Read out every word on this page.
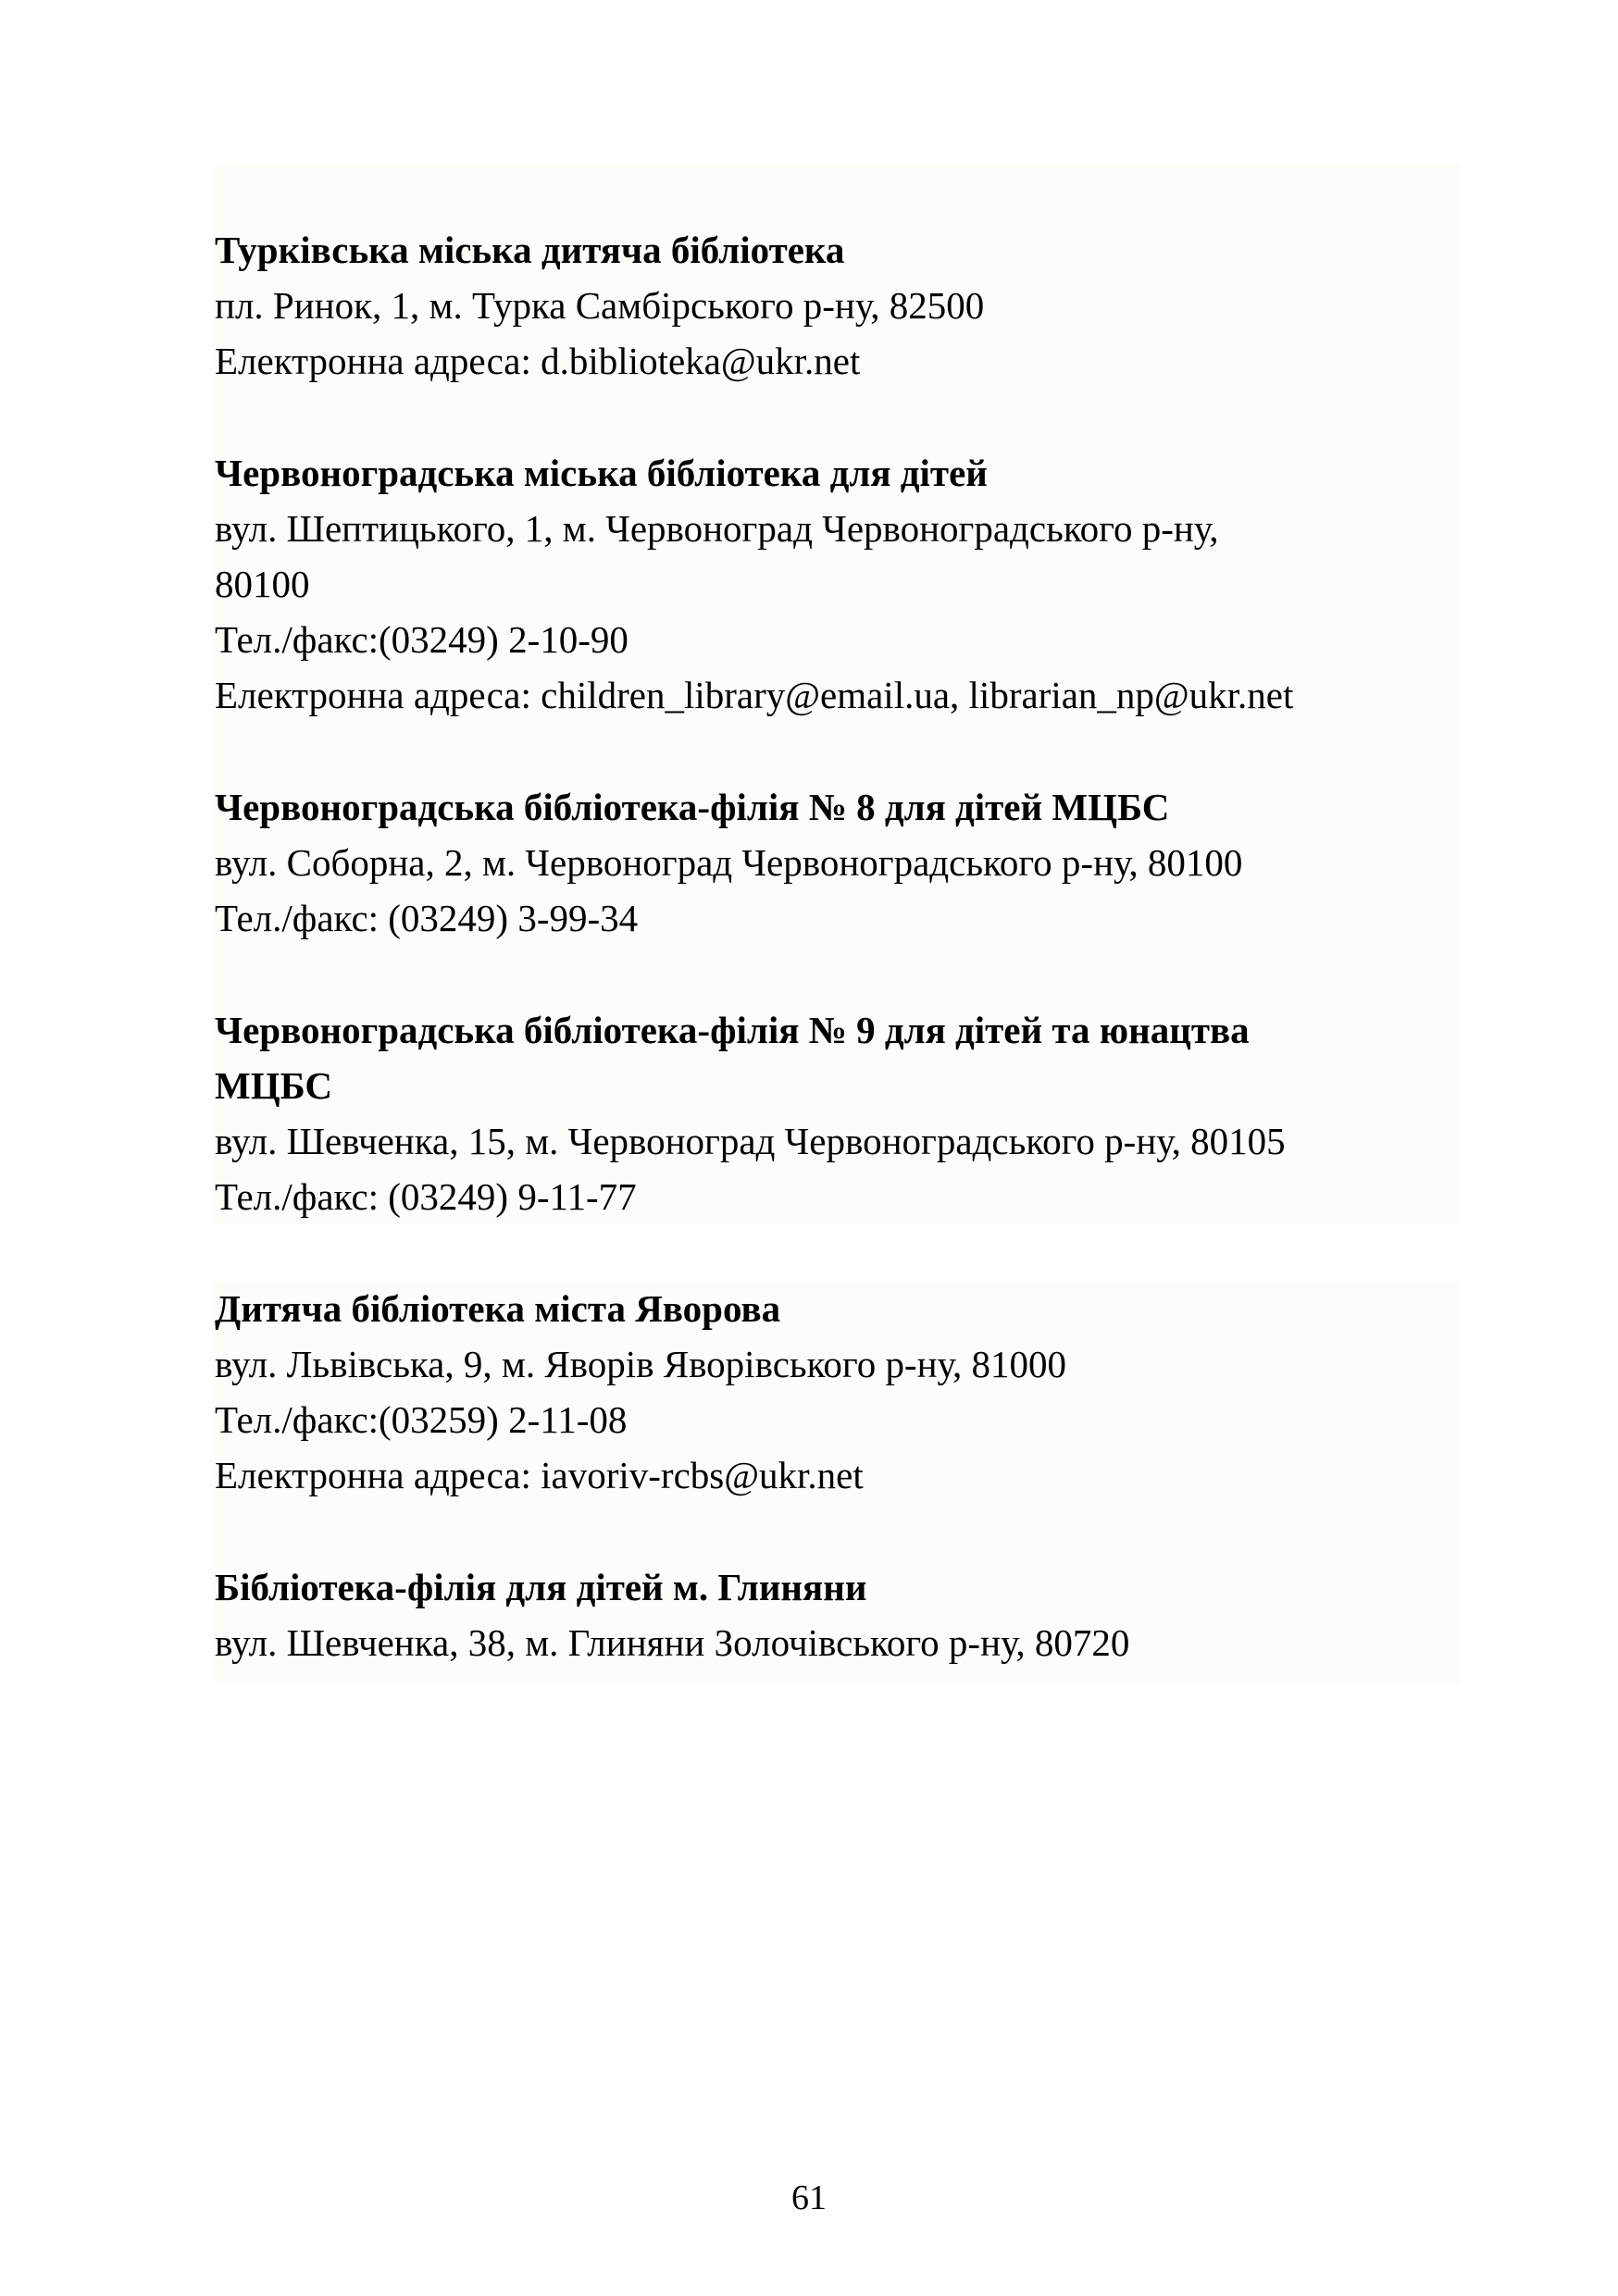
Турківська міська дитяча бібліотека

пл. Ринок, 1, м. Турка Самбірського р-ну, 82500

Електронна адреса: d.biblioteka@ukr.net

Червоноградська міська бібліотека для дітей

вул. Шептицького, 1, м. Червоноград Червоноградського р-ну,

80100

Тел./факс:(03249) 2-10-90

Електронна адреса: children_library@email.ua, librarian_np@ukr.net

Червоноградська бібліотека-філія № 8 для дітей МЦБС

вул. Соборна, 2, м. Червоноград Червоноградського р-ну, 80100

Тел./факс: (03249) 3-99-34

Червоноградська бібліотека-філія № 9 для дітей та юнацтва

МЦБС

вул. Шевченка, 15, м. Червоноград Червоноградського р-ну, 80105

Тел./факс: (03249) 9-11-77

Дитяча бібліотека міста Яворова

вул. Львівська, 9, м. Яворів Яворівського р-ну, 81000

Тел./факс:(03259) 2-11-08

Електронна адреса: iavoriv-rcbs@ukr.net

Бібліотека-філія для дітей м. Глиняни

вул. Шевченка, 38, м. Глиняни Золочівського р-ну, 80720

61
